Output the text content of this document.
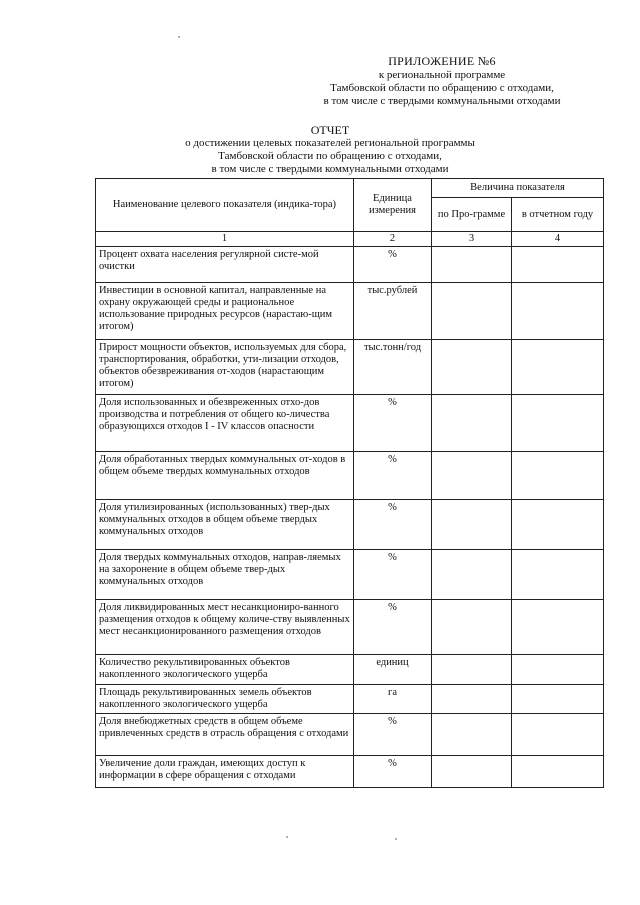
ПРИЛОЖЕНИЕ №6
к региональной программе
Тамбовской области по обращению с отходами,
в том числе с твердыми коммунальными отходами
ОТЧЕТ
о достижении целевых показателей региональной программы
Тамбовской области по обращению с отходами,
в том числе с твердыми коммунальными отходами
Наименование целевого показателя (индика-тора)	Единица измерения	Величина показателя	
		по Про-грамме	в отчетном году
1	2	3	4
Процент охвата населения регулярной систе-мой очистки	%		
Инвестиции в основной капитал, направленные на охрану окружающей среды и рациональное использование природных ресурсов (нарастаю-щим итогом)	тыс.рублей		
Прирост мощности объектов, используемых для сбора, транспортирования, обработки, ути-лизации отходов, объектов обезвреживания от-ходов (нарастающим итогом)	тыс.тонн/год		
Доля использованных и обезвреженных отхо-дов производства и потребления от общего ко-личества образующихся отходов I - IV классов опасности	%		
Доля обработанных твердых коммунальных от-ходов в общем объеме твердых коммунальных отходов	%		
Доля утилизированных (использованных) твер-дых коммунальных отходов в общем объеме твердых коммунальных отходов	%		
Доля твердых коммунальных отходов, направ-ляемых на захоронение в общем объеме твер-дых коммунальных отходов	%		
Доля ликвидированных мест несанкциониро-ванного размещения отходов к общему количе-ству выявленных мест несанкционированного размещения отходов	%		
Количество рекультивированных объектов накопленного экологического ущерба	единиц		
Площадь рекультивированных земель объектов накопленного экологического ущерба	га		
Доля внебюджетных средств в общем объеме привлеченных средств в отрасль обращения с отходами	%		
Увеличение доли граждан, имеющих доступ к информации в сфере обращения с отходами	%		
